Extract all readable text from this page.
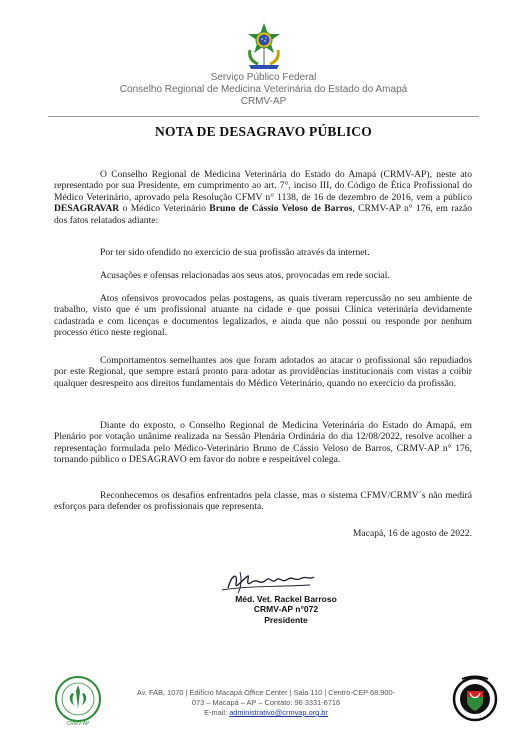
Serviço Público Federal
Conselho Regional de Medicina Veterinária do Estado do Amapá
CRMV-AP
NOTA DE DESAGRAVO PÚBLICO
O Conselho Regional de Medicina Veterinária do Estado do Amapá (CRMV-AP), neste ato representado por sua Presidente, em cumprimento ao art. 7°, inciso III, do Código de Ética Profissional do Médico Veterinário, aprovado pela Resolução CFMV n° 1138, de 16 de dezembro de 2016, vem a público DESAGRAVAR o Médico Veterinário Bruno de Cássio Veloso de Barros, CRMV-AP n° 176, em razão dos fatos relatados adiante:
Por ter sido ofendido no exercício de sua profissão através da internet.
Acusações e ofensas relacionadas aos seus atos, provocadas em rede social.
Atos ofensivos provocados pelas postagens, as quais tiveram repercussão no seu ambiente de trabalho, visto que é um profissional atuante na cidade e que possui Clínica veterinária devidamente cadastrada e com licenças e documentos legalizados, e ainda que não possui ou responde por nenhum processo ético neste regional.
Comportamentos semelhantes aos que foram adotados ao atacar o profissional são repudiados por este Regional, que sempre estará pronto para adotar as providências institucionais com vistas a coibir qualquer desrespeito aos direitos fundamentais do Médico Veterinário, quando no exercício da profissão.
Diante do exposto, o Conselho Regional de Medicina Veterinária do Estado do Amapá, em Plenário por votação unânime realizada na Sessão Plenária Ordinária do dia 12/08/2022, resolve acolher a representação formulada pelo Médico-Veterinário Bruno de Cássio Veloso de Barros, CRMV-AP n° 176, tornando público o DESAGRAVO em favor do nobre e respeitável colega.
Reconhecemos os desafios enfrentados pela classe, mas o sistema CFMV/CRMV´s não medirá esforços para defender os profissionais que representa.
Macapá, 16 de agosto de 2022.
Méd. Vet. Rackel Barroso
CRMV-AP n°072
Presidente
CRMV-AP
Av. FAB, 1070 | Edifício Macapá Office Center | Sala 110 | Centro-CEP 68.900-
073 – Macapá – AP – Contato: 96 3331-6716
E-mail: administrativo@crmvap.org.br
